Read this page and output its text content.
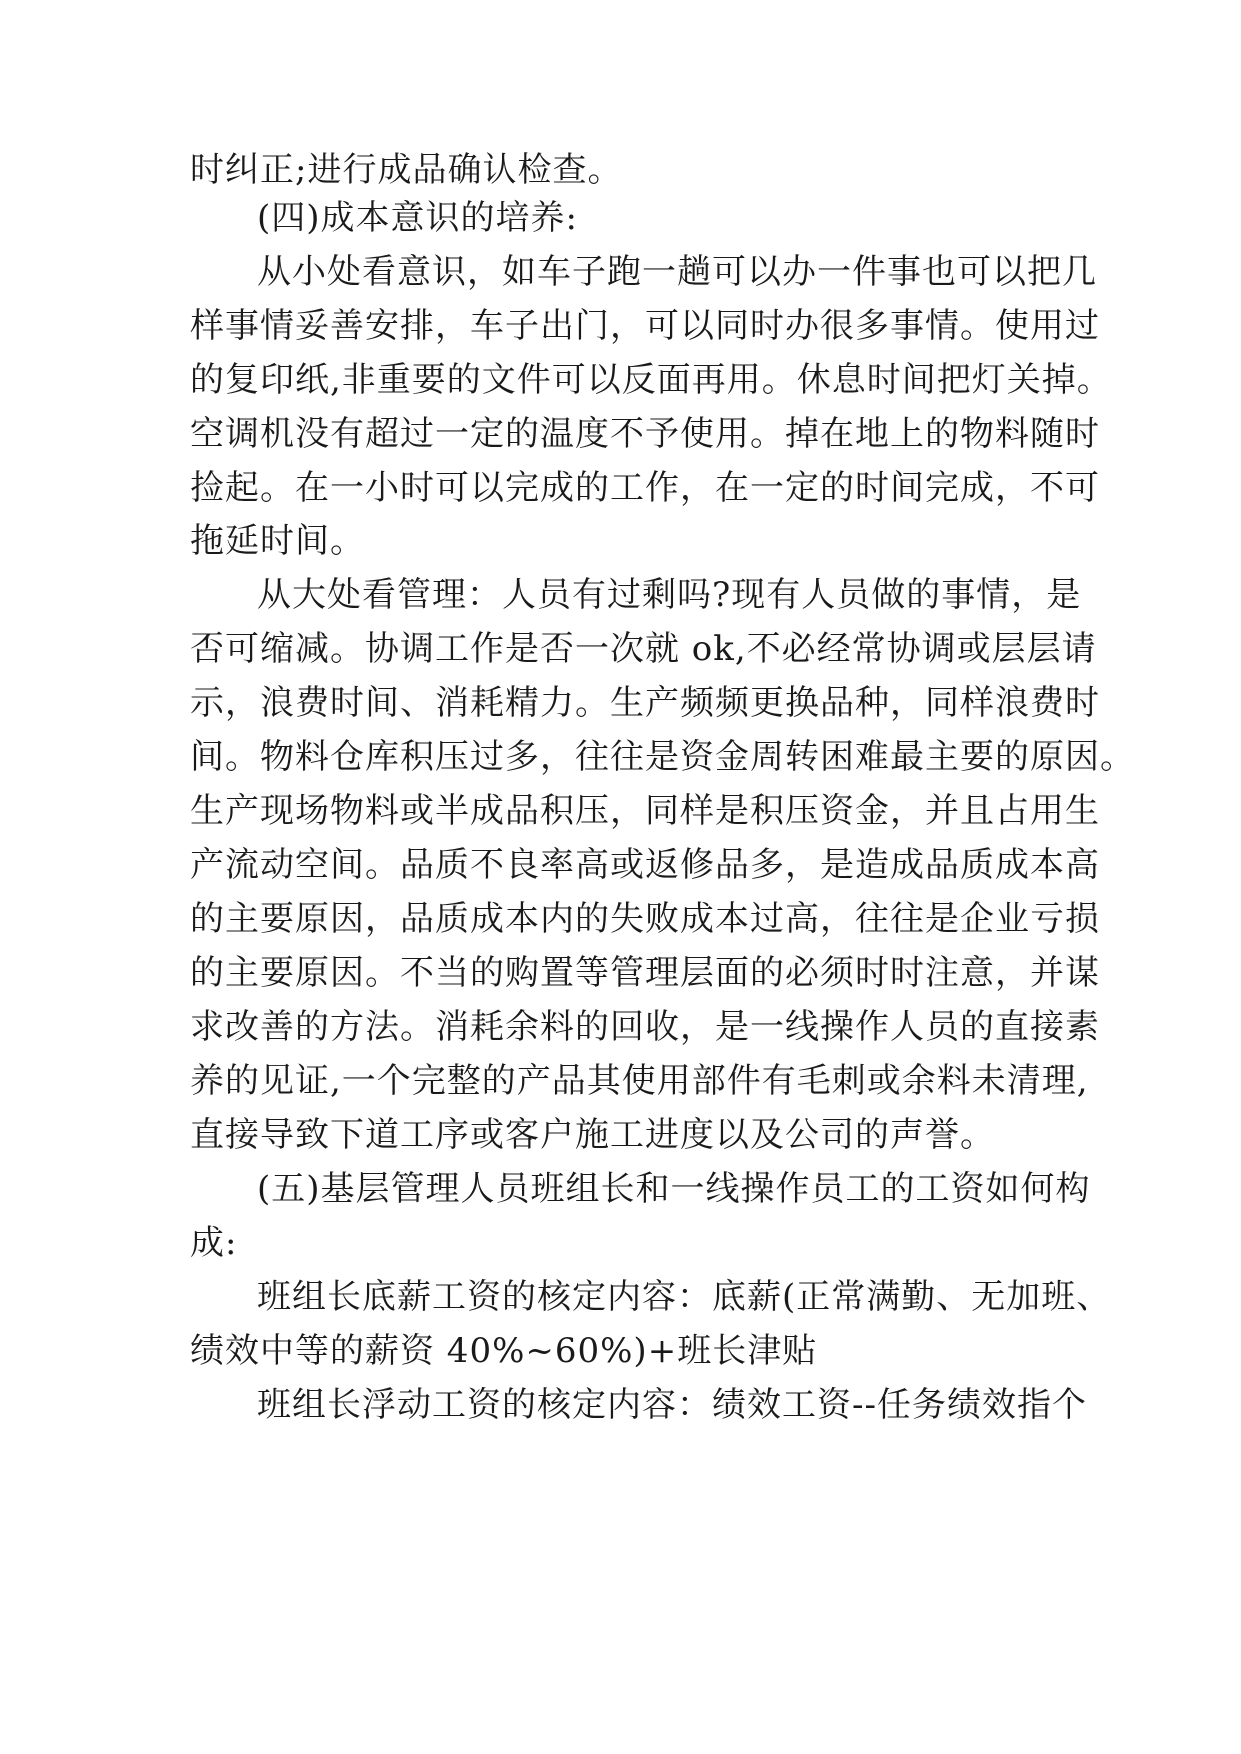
时纠正;进行成品确认检查。
(四)成本意识的培养:
从小处看意识，如车子跑一趟可以办一件事也可以把几
样事情妥善安排，车子出门，可以同时办很多事情。使用过
的复印纸,非重要的文件可以反面再用。休息时间把灯关掉。
空调机没有超过一定的温度不予使用。掉在地上的物料随时
捡起。在一小时可以完成的工作，在一定的时间完成，不可
拖延时间。
从大处看管理：人员有过剩吗?现有人员做的事情，是
否可缩减。协调工作是否一次就 ok,不必经常协调或层层请
示，浪费时间、消耗精力。生产频频更换品种，同样浪费时
间。物料仓库积压过多，往往是资金周转困难最主要的原因。
生产现场物料或半成品积压，同样是积压资金，并且占用生
产流动空间。品质不良率高或返修品多，是造成品质成本高
的主要原因，品质成本内的失败成本过高，往往是企业亏损
的主要原因。不当的购置等管理层面的必须时时注意，并谋
求改善的方法。消耗余料的回收，是一线操作人员的直接素
养的见证,一个完整的产品其使用部件有毛刺或余料未清理,
直接导致下道工序或客户施工进度以及公司的声誉。
(五)基层管理人员班组长和一线操作员工的工资如何构
成:
班组长底薪工资的核定内容：底薪(正常满勤、无加班、
绩效中等的薪资 40%~60%)+班长津贴
班组长浮动工资的核定内容：绩效工资--任务绩效指个
